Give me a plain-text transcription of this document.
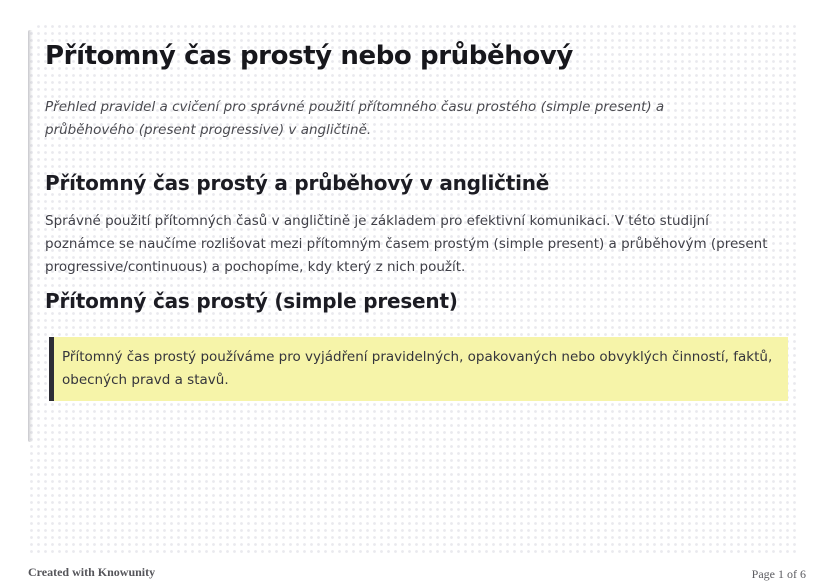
Přítomný čas prostý nebo průběhový

Přehled pravidel a cvičení pro správné použití přítomného času prostého (simple present) a průběhového (present progressive) v angličtině.

Přítomný čas prostý a průběhový v angličtině

Správné použití přítomných časů v angličtině je základem pro efektivní komunikaci. V této studijní poznámce se naučíme rozlišovat mezi přítomným časem prostým (simple present) a průběhovým (present progressive/continuous) a pochopíme, kdy který z nich použít.

Přítomný čas prostý (simple present)

Přítomný čas prostý používáme pro vyjádření pravidelných, opakovaných nebo obvyklých činností, faktů, obecných pravd a stavů.

Created with Knowunity	Page 1 of 6
